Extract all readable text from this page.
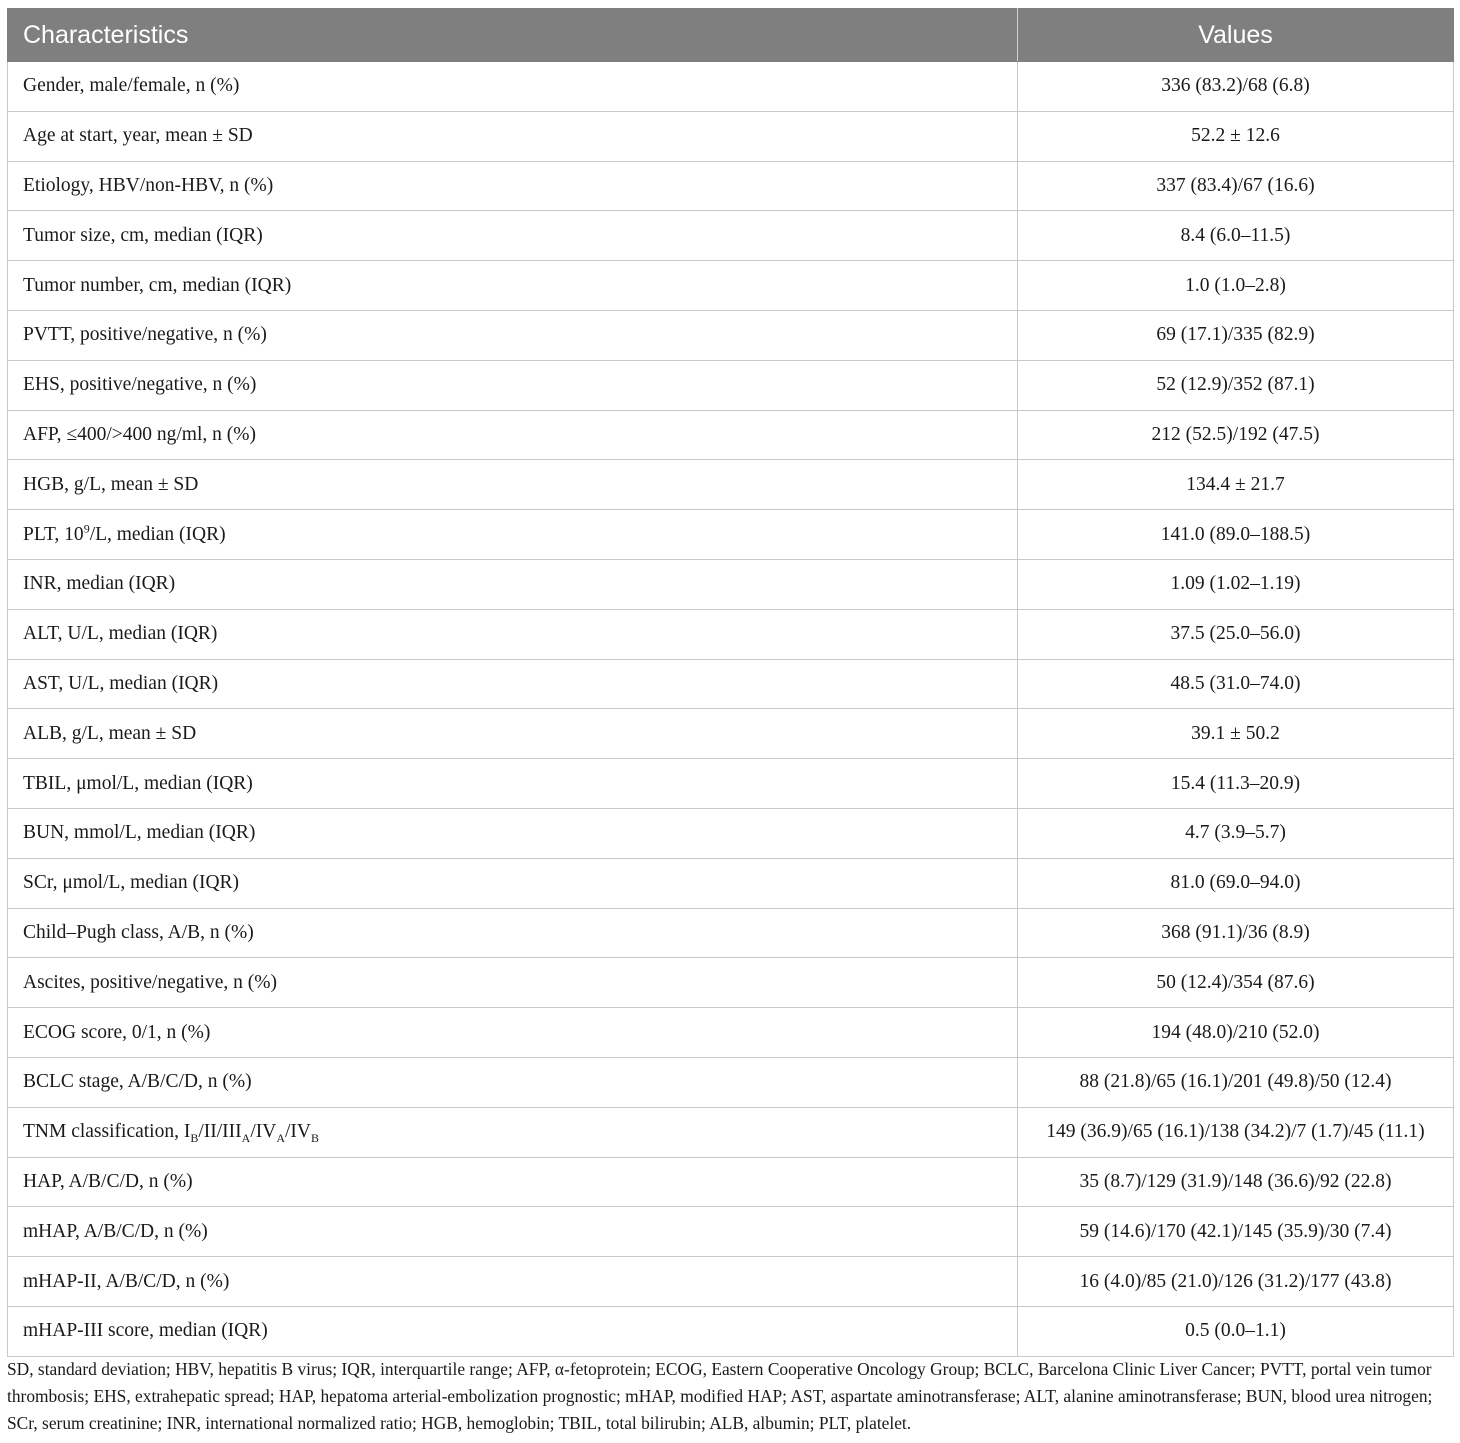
Characteristics	Values
Gender, male/female, n (%)	336 (83.2)/68 (6.8)
Age at start, year, mean ± SD	52.2 ± 12.6
Etiology, HBV/non-HBV, n (%)	337 (83.4)/67 (16.6)
Tumor size, cm, median (IQR)	8.4 (6.0–11.5)
Tumor number, cm, median (IQR)	1.0 (1.0–2.8)
PVTT, positive/negative, n (%)	69 (17.1)/335 (82.9)
EHS, positive/negative, n (%)	52 (12.9)/352 (87.1)
AFP, ≤400/>400 ng/ml, n (%)	212 (52.5)/192 (47.5)
HGB, g/L, mean ± SD	134.4 ± 21.7
PLT, $10^9/L$, median (IQR)	141.0 (89.0–188.5)
INR, median (IQR)	1.09 (1.02–1.19)
ALT, U/L, median (IQR)	37.5 (25.0–56.0)
AST, U/L, median (IQR)	48.5 (31.0–74.0)
ALB, g/L, mean ± SD	39.1 ± 50.2
TBIL, μmol/L, median (IQR)	15.4 (11.3–20.9)
BUN, mmol/L, median (IQR)	4.7 (3.9–5.7)
SCr, μmol/L, median (IQR)	81.0 (69.0–94.0)
Child–Pugh class, A/B, n (%)	368 (91.1)/36 (8.9)
Ascites, positive/negative, n (%)	50 (12.4)/354 (87.6)
ECOG score, 0/1, n (%)	194 (48.0)/210 (52.0)
BCLC stage, A/B/C/D, n (%)	88 (21.8)/65 (16.1)/201 (49.8)/50 (12.4)
TNM classification, $I_B/II/III_A/IV_A/IV_B$	149 (36.9)/65 (16.1)/138 (34.2)/7 (1.7)/45 (11.1)
HAP, A/B/C/D, n (%)	35 (8.7)/129 (31.9)/148 (36.6)/92 (22.8)
mHAP, A/B/C/D, n (%)	59 (14.6)/170 (42.1)/145 (35.9)/30 (7.4)
mHAP-II, A/B/C/D, n (%)	16 (4.0)/85 (21.0)/126 (31.2)/177 (43.8)
mHAP-III score, median (IQR)	0.5 (0.0–1.1)
SD, standard deviation; HBV, hepatitis B virus; IQR, interquartile range; AFP, α-fetoprotein; ECOG, Eastern Cooperative Oncology Group; BCLC, Barcelona Clinic Liver Cancer; PVTT, portal vein tumor thrombosis; EHS, extrahepatic spread; HAP, hepatoma arterial-embolization prognostic; mHAP, modified HAP; AST, aspartate aminotransferase; ALT, alanine aminotransferase; BUN, blood urea nitrogen; SCr, serum creatinine; INR, international normalized ratio; HGB, hemoglobin; TBIL, total bilirubin; ALB, albumin; PLT, platelet.
